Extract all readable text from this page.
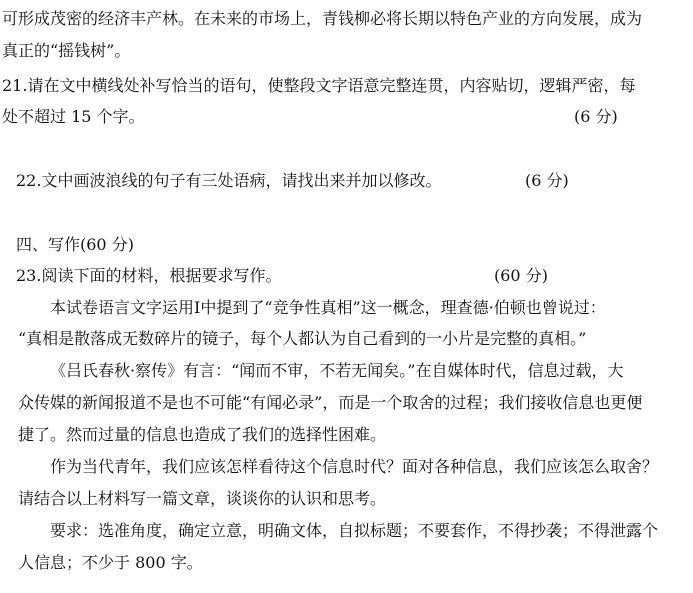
可形成茂密的经济丰产林。在未来的市场上，青钱柳必将长期以特色产业的方向发展，成为
真正的“摇钱树”。
21.请在文中横线处补写恰当的语句，使整段文字语意完整连贯，内容贴切，逻辑严密，每
处不超过 15 个字。	(6 分)
22.文中画波浪线的句子有三处语病，请找出来并加以修改。	(6 分)
四、写作(60 分)
23.阅读下面的材料，根据要求写作。	(60 分)
本试卷语言文字运用Ⅰ中提到了“竞争性真相”这一概念，理查德·伯顿也曾说过：
“真相是散落成无数碎片的镜子，每个人都认为自己看到的一小片是完整的真相。”
《吕氏春秋·察传》有言：“闻而不审，不若无闻矣。”在自媒体时代，信息过载，大
众传媒的新闻报道不是也不可能“有闻必录”，而是一个取舍的过程；我们接收信息也更便
捷了。然而过量的信息也造成了我们的选择性困难。
作为当代青年，我们应该怎样看待这个信息时代？面对各种信息，我们应该怎么取舍？
请结合以上材料写一篇文章，谈谈你的认识和思考。
要求：选准角度，确定立意，明确文体，自拟标题；不要套作，不得抄袭；不得泄露个
人信息；不少于 800 字。
